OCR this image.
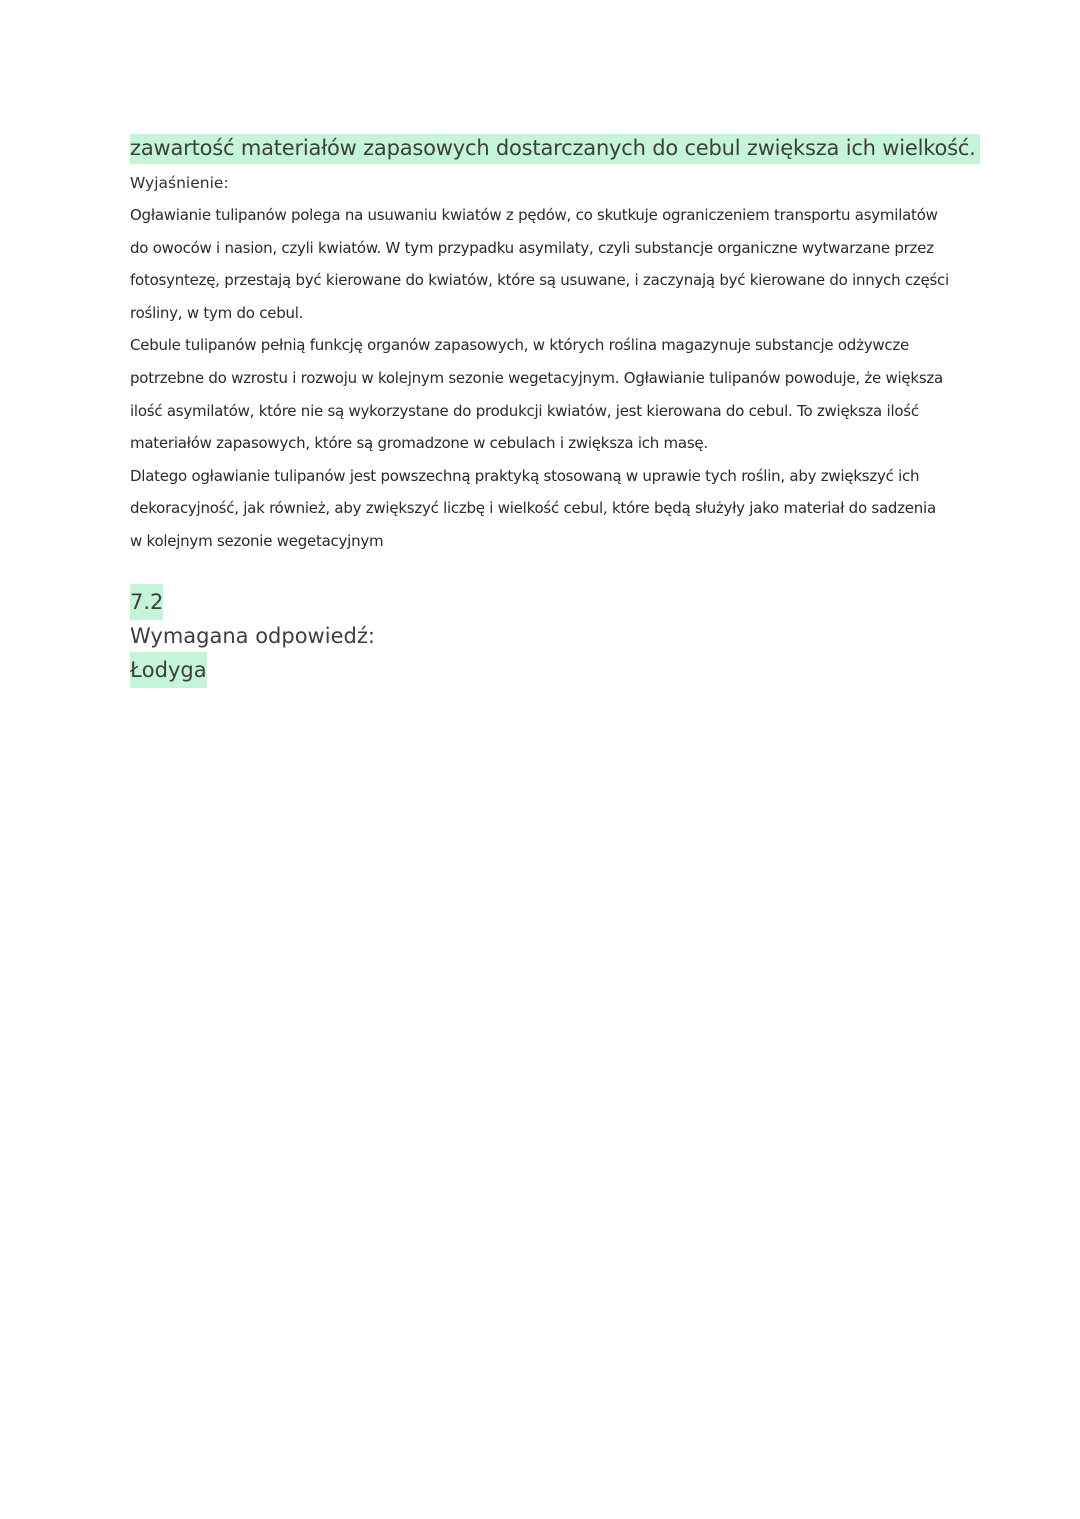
zawartość materiałów zapasowych dostarczanych do cebul zwiększa ich wielkość.
Wyjaśnienie:

Ogławianie tulipanów polega na usuwaniu kwiatów z pędów, co skutkuje ograniczeniem transportu asymilatów do owoców i nasion, czyli kwiatów. W tym przypadku asymilaty, czyli substancje organiczne wytwarzane przez fotosyntezę, przestają być kierowane do kwiatów, które są usuwane, i zaczynają być kierowane do innych części rośliny, w tym do cebul.

Cebule tulipanów pełnią funkcję organów zapasowych, w których roślina magazynuje substancje odżywcze potrzebne do wzrostu i rozwoju w kolejnym sezonie wegetacyjnym. Ogławianie tulipanów powoduje, że większa ilość asymilatów, które nie są wykorzystane do produkcji kwiatów, jest kierowana do cebul. To zwiększa ilość materiałów zapasowych, które są gromadzone w cebulach i zwiększa ich masę.

Dlatego ogławianie tulipanów jest powszechną praktyką stosowaną w uprawie tych roślin, aby zwiększyć ich dekoracyjność, jak również, aby zwiększyć liczbę i wielkość cebul, które będą służyły jako materiał do sadzenia w kolejnym sezonie wegetacyjnym

7.2
Wymagana odpowiedź:
Łodyga
